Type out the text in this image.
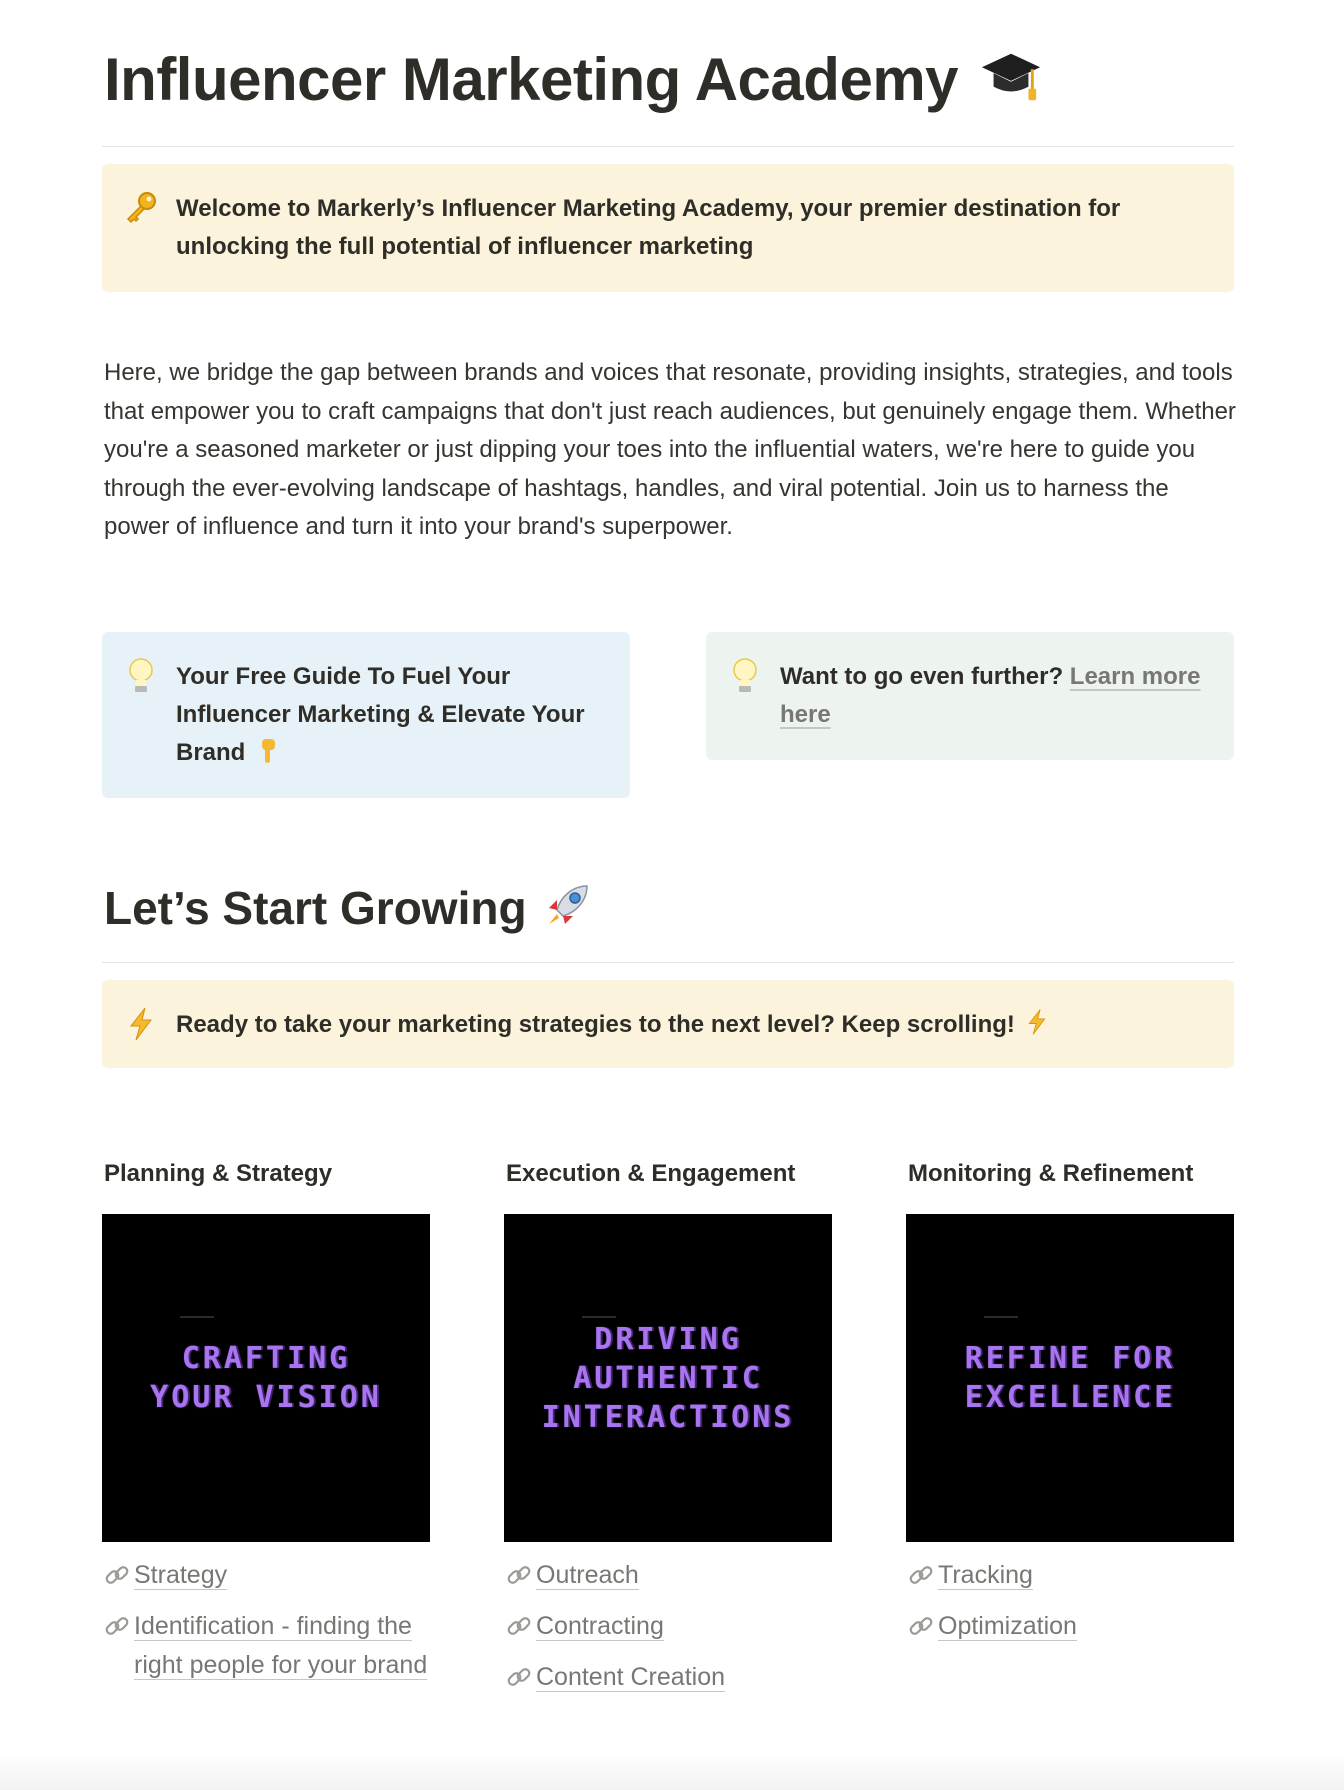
Influencer Marketing Academy
Welcome to Markerly’s Influencer Marketing Academy, your premier destination for unlocking the full potential of influencer marketing
Here, we bridge the gap between brands and voices that resonate, providing insights, strategies, and tools that empower you to craft campaigns that don't just reach audiences, but genuinely engage them. Whether you're a seasoned marketer or just dipping your toes into the influential waters, we're here to guide you through the ever-evolving landscape of hashtags, handles, and viral potential. Join us to harness the power of influence and turn it into your brand's superpower.
Your Free Guide To Fuel Your Influencer Marketing & Elevate Your Brand
Want to go even further? Learn more here
Let’s Start Growing
Ready to take your marketing strategies to the next level? Keep scrolling!
Planning & Strategy
CRAFTING YOUR VISION
Strategy
Identification - finding the right people for your brand
Execution & Engagement
DRIVING AUTHENTIC INTERACTIONS
Outreach
Contracting
Content Creation
Monitoring & Refinement
REFINE FOR EXCELLENCE
Tracking
Optimization
